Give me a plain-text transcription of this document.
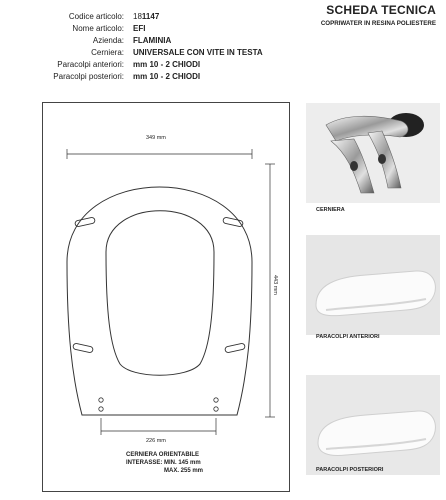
SCHEDA TECNICA
COPRIWATER IN RESINA POLIESTERE
Codice articolo: 181147
Nome articolo: EFI
Azienda: FLAMINIA
Cerniera: UNIVERSALE CON VITE IN TESTA
Paracolpi anteriori: mm 10 - 2 CHIODI
Paracolpi posteriori: mm 10 - 2 CHIODI
349 mm
443 mm
226 mm
CERNIERA ORIENTABILE
INTERASSE: MIN. 145 mm
MAX. 255 mm
CERNIERA
PARACOLPI ANTERIORI
PARACOLPI POSTERIORI
